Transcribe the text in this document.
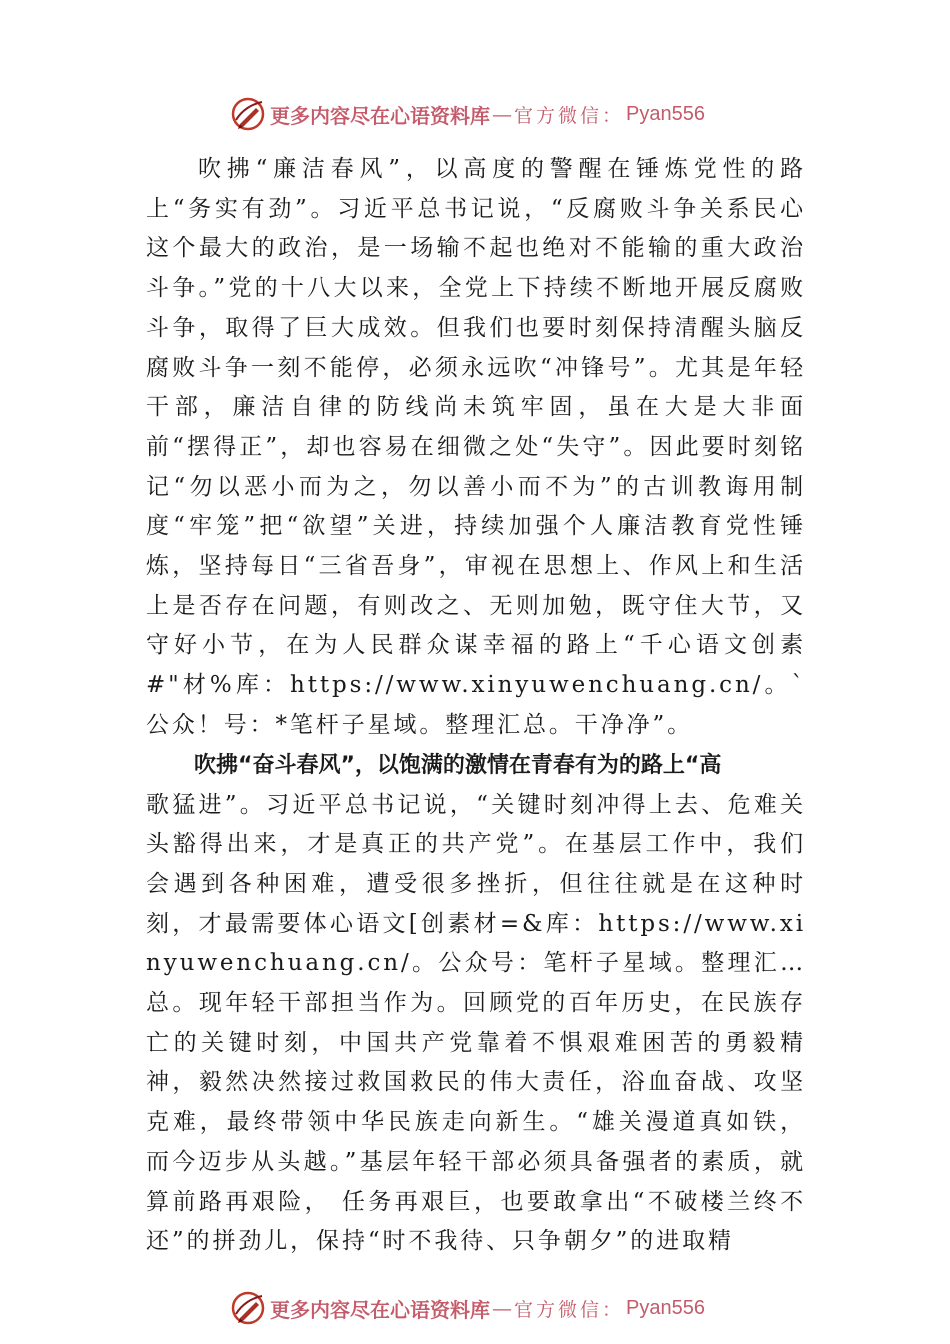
更多内容尽在心语资料库 — 官方微信： Pyan556

吹拂“廉洁春风”，以高度的警醒在锤炼党性的路上“务实有劲”。习近平总书记说，“反腐败斗争关系民心这个最大的政治，是一场输不起也绝对不能输的重大政治斗争。”党的十八大以来，全党上下持续不断地开展反腐败斗争，取得了巨大成效。但我们也要时刻保持清醒头脑反腐败斗争一刻不能停，必须永远吹“冲锋号”。尤其是年轻干部，廉洁自律的防线尚未筑牢固，虽在大是大非面前“摆得正”，却也容易在细微之处“失守”。因此要时刻铭记“勿以恶小而为之，勿以善小而不为”的古训教诲用制度“牢笼”把“欲望”关进，持续加强个人廉洁教育党性锤炼，坚持每日“三省吾身”，审视在思想上、作风上和生活上是否存在问题，有则改之、无则加勉，既守住大节，又守好小节，在为人民群众谋幸福的路上“千心语文创素#"材%库：https://www.xinyuwenchuang.cn/。`公众！号：*笔杆子星域。整理汇总。干净净”。

吹拂“奋斗春风”，以饱满的激情在青春有为的路上“高

歌猛进”。习近平总书记说，“关键时刻冲得上去、危难关头豁得出来，才是真正的共产党”。在基层工作中，我们会遇到各种困难，遭受很多挫折，但往往就是在这种时刻，才最需要体心语文[创素材=&库：https://www.xinyuwenchuang.cn/。公众号：笔杆子星域。整理汇…总。现年轻干部担当作为。回顾党的百年历史，在民族存亡的关键时刻，中国共产党靠着不惧艰难困苦的勇毅精神，毅然决然接过救国救民的伟大责任，浴血奋战、攻坚克难，最终带领中华民族走向新生。“雄关漫道真如铁，而今迈步从头越。”基层年轻干部必须具备强者的素质，就算前路再艰险， 任务再艰巨，也要敢拿出“不破楼兰终不还”的拼劲儿，保持“时不我待、只争朝夕”的进取精

更多内容尽在心语资料库 — 官方微信： Pyan556
